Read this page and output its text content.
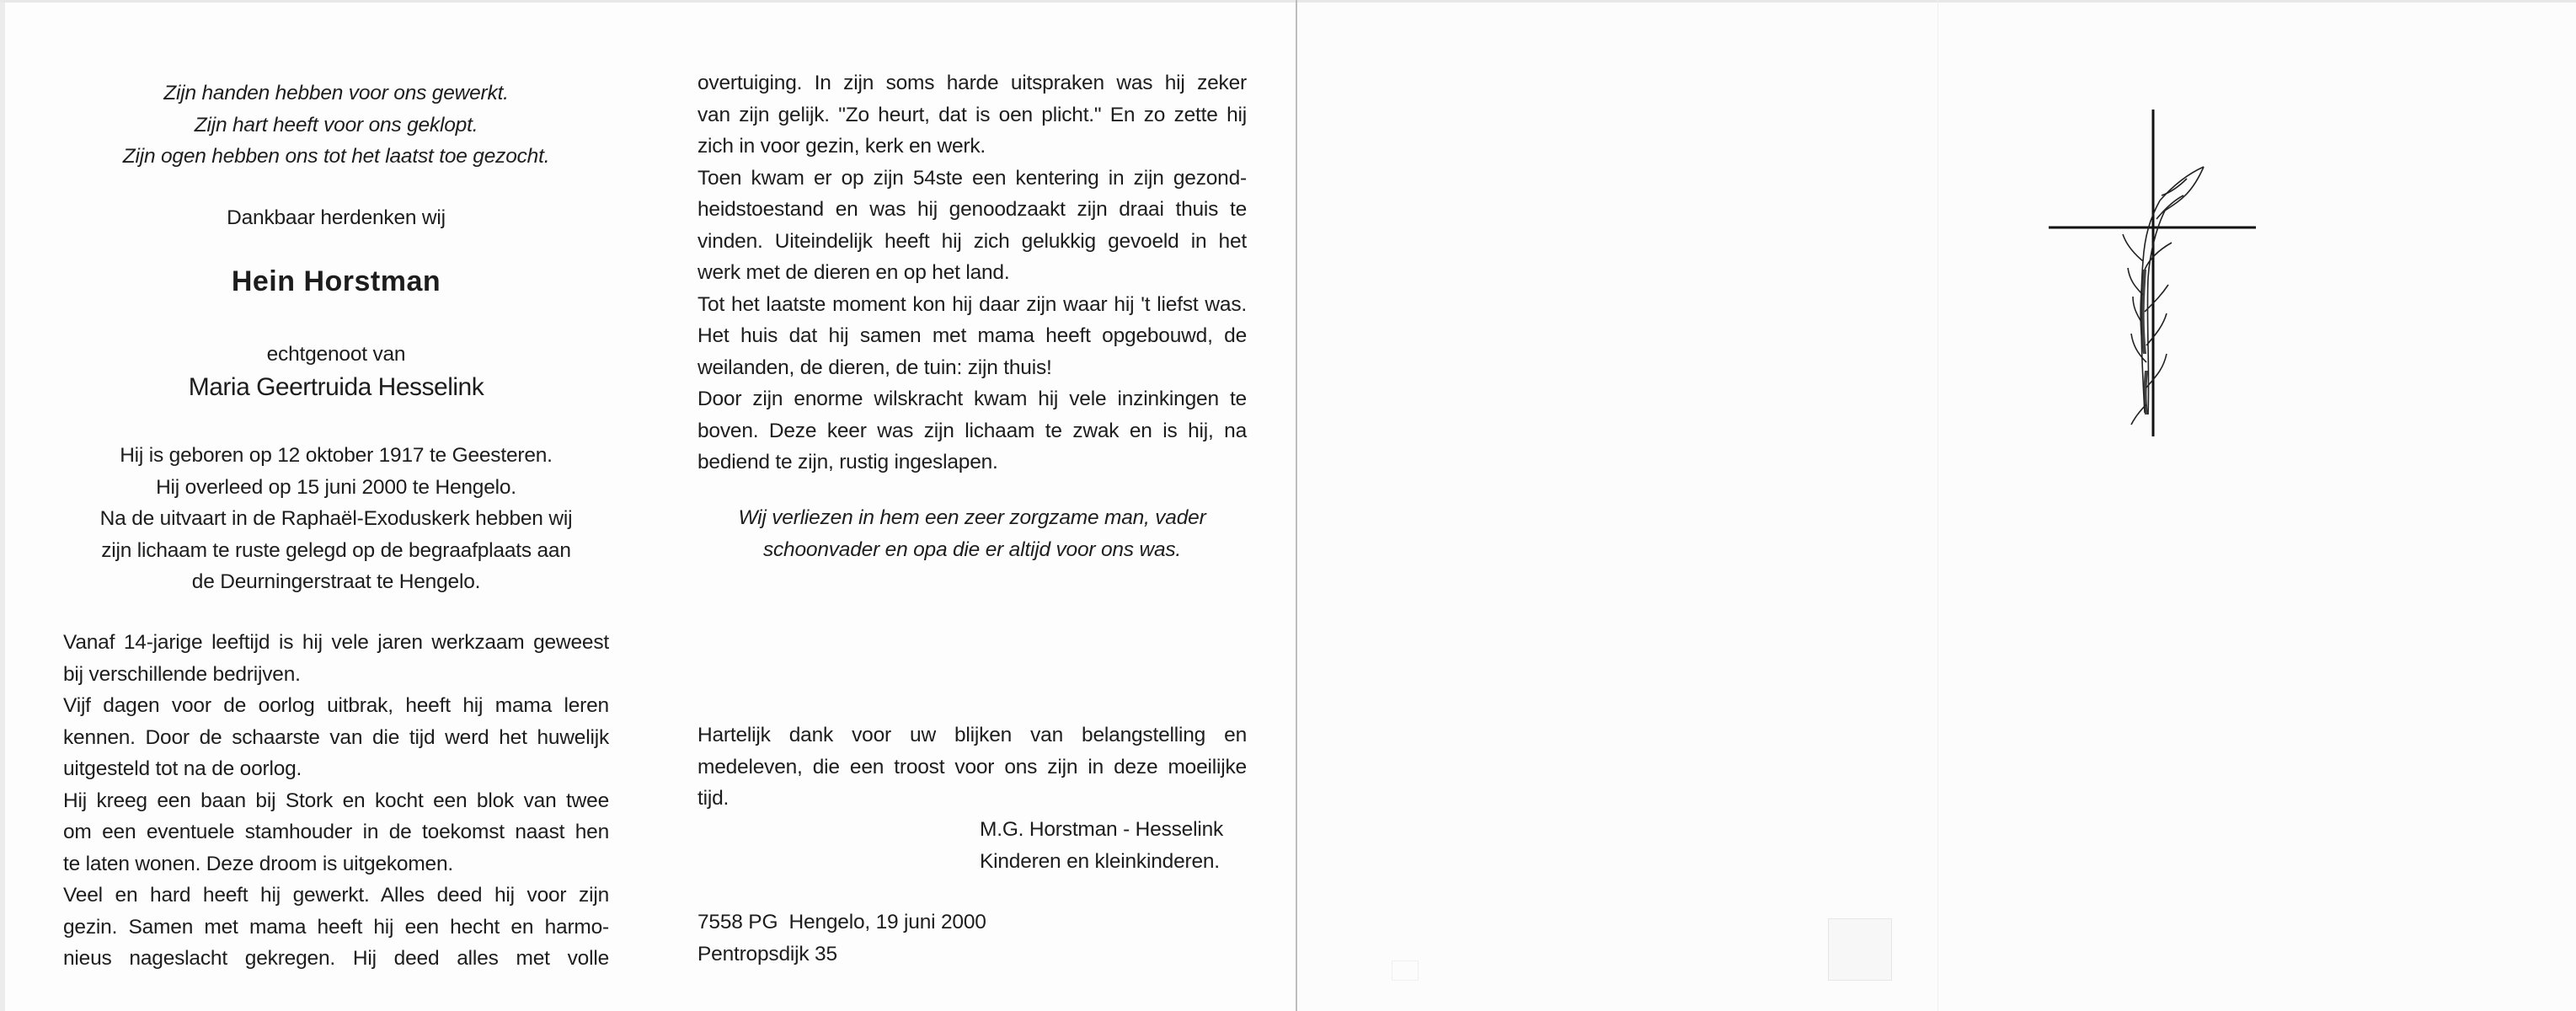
Zijn handen hebben voor ons gewerkt.
Zijn hart heeft voor ons geklopt.
Zijn ogen hebben ons tot het laatst toe gezocht.
Dankbaar herdenken wij
Hein Horstman
echtgenoot van
Maria Geertruida Hesselink
Hij is geboren op 12 oktober 1917 te Geesteren.
Hij overleed op 15 juni 2000 te Hengelo.
Na de uitvaart in de Raphaël-Exoduskerk hebben wij
zijn lichaam te ruste gelegd op de begraafplaats aan
de Deurningerstraat te Hengelo.
Vanaf 14-jarige leeftijd is hij vele jaren werkzaam geweest
bij verschillende bedrijven.
Vijf dagen voor de oorlog uitbrak, heeft hij mama leren
kennen. Door de schaarste van die tijd werd het huwelijk
uitgesteld tot na de oorlog.
Hij kreeg een baan bij Stork en kocht een blok van twee
om een eventuele stamhouder in de toekomst naast hen
te laten wonen. Deze droom is uitgekomen.
Veel en hard heeft hij gewerkt. Alles deed hij voor zijn
gezin. Samen met mama heeft hij een hecht en harmo-
nieus nageslacht gekregen. Hij deed alles met volle
overtuiging. In zijn soms harde uitspraken was hij zeker
van zijn gelijk. "Zo heurt, dat is oen plicht." En zo zette hij
zich in voor gezin, kerk en werk.
Toen kwam er op zijn 54ste een kentering in zijn gezond-
heidstoestand en was hij genoodzaakt zijn draai thuis te
vinden. Uiteindelijk heeft hij zich gelukkig gevoeld in het
werk met de dieren en op het land.
Tot het laatste moment kon hij daar zijn waar hij 't liefst was.
Het huis dat hij samen met mama heeft opgebouwd, de
weilanden, de dieren, de tuin: zijn thuis!
Door zijn enorme wilskracht kwam hij vele inzinkingen te
boven. Deze keer was zijn lichaam te zwak en is hij, na
bediend te zijn, rustig ingeslapen.
Wij verliezen in hem een zeer zorgzame man, vader
schoonvader en opa die er altijd voor ons was.
Hartelijk dank voor uw blijken van belangstelling en
medeleven, die een troost voor ons zijn in deze moeilijke
tijd.
M.G. Horstman - Hesselink
Kinderen en kleinkinderen.
7558 PG  Hengelo, 19 juni 2000
Pentropsdijk 35
